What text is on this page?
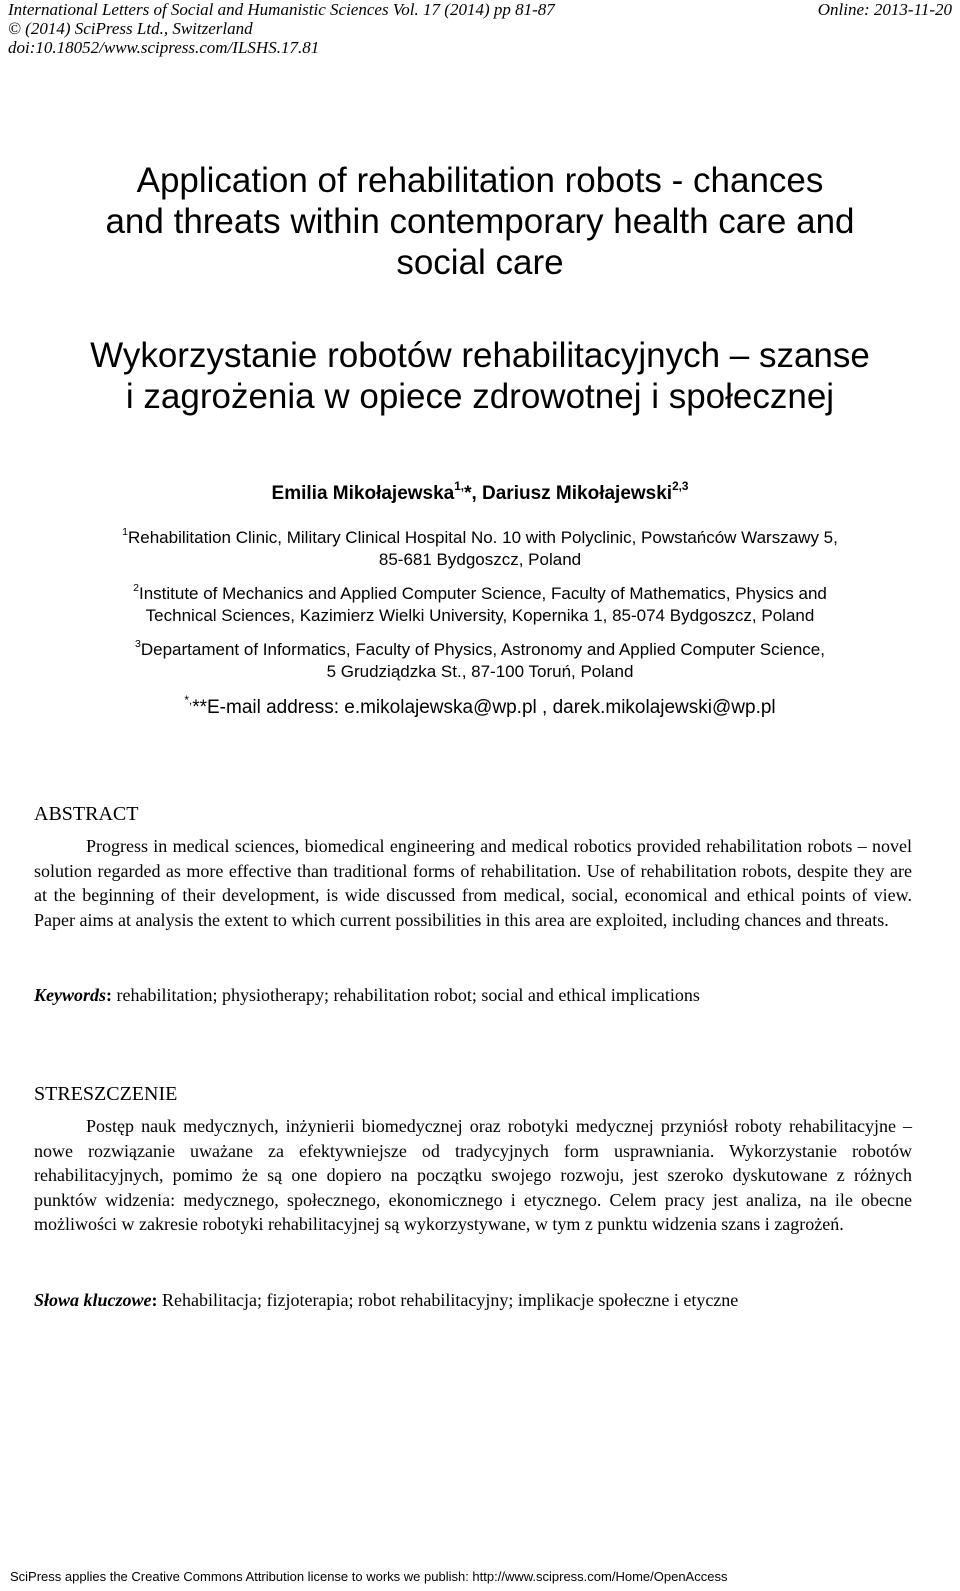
International Letters of Social and Humanistic Sciences Vol. 17 (2014) pp 81-87	Online: 2013-11-20
© (2014) SciPress Ltd., Switzerland
doi:10.18052/www.scipress.com/ILSHS.17.81
Application of rehabilitation robots - chances
and threats within contemporary health care and
social care
Wykorzystanie robotów rehabilitacyjnych – szanse
i zagrożenia w opiece zdrowotnej i społecznej
Emilia Mikołajewska$^{1,}$*, Dariusz Mikołajewski$^{2,3}$
$^1$Rehabilitation Clinic, Military Clinical Hospital No. 10 with Polyclinic, Powstańców Warszawy 5,
85-681 Bydgoszcz, Poland
$^2$Institute of Mechanics and Applied Computer Science, Faculty of Mathematics, Physics and
Technical Sciences, Kazimierz Wielki University, Kopernika 1, 85-074 Bydgoszcz, Poland
$^3$Departament of Informatics, Faculty of Physics, Astronomy and Applied Computer Science,
5 Grudziądzka St., 87-100 Toruń, Poland
*,**E-mail address: e.mikolajewska@wp.pl , darek.mikolajewski@wp.pl
ABSTRACT
Progress in medical sciences, biomedical engineering and medical robotics provided rehabilitation robots – novel solution regarded as more effective than traditional forms of rehabilitation. Use of rehabilitation robots, despite they are at the beginning of their development, is wide discussed from medical, social, economical and ethical points of view. Paper aims at analysis the extent to which current possibilities in this area are exploited, including chances and threats.
Keywords: rehabilitation; physiotherapy; rehabilitation robot; social and ethical implications
STRESZCZENIE
Postęp nauk medycznych, inżynierii biomedycznej oraz robotyki medycznej przyniósł roboty rehabilitacyjne – nowe rozwiązanie uważane za efektywniejsze od tradycyjnych form usprawniania. Wykorzystanie robotów rehabilitacyjnych, pomimo że są one dopiero na początku swojego rozwoju, jest szeroko dyskutowane z różnych punktów widzenia: medycznego, społecznego, ekonomicznego i etycznego. Celem pracy jest analiza, na ile obecne możliwości w zakresie robotyki rehabilitacyjnej są wykorzystywane, w tym z punktu widzenia szans i zagrożeń.
Słowa kluczowe: Rehabilitacja; fizjoterapia; robot rehabilitacyjny; implikacje społeczne i etyczne
SciPress applies the Creative Commons Attribution license to works we publish: http://www.scipress.com/Home/OpenAccess
